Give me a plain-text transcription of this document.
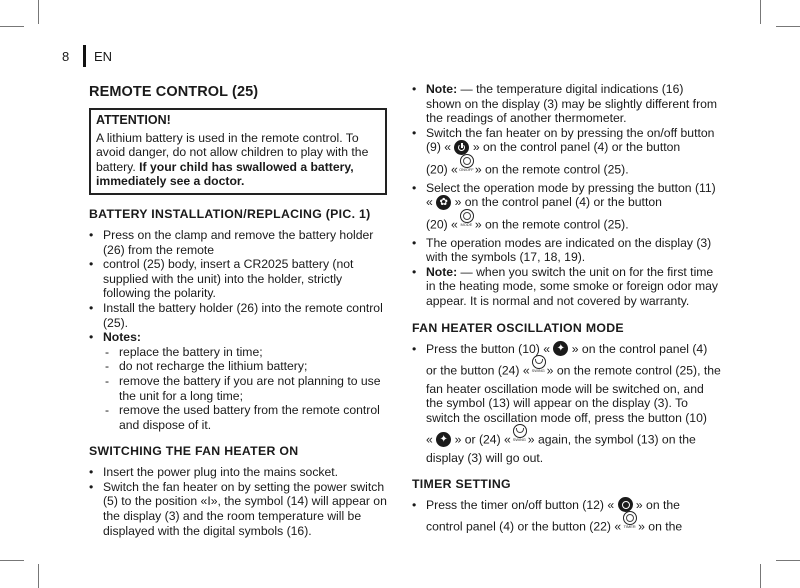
8 EN
REMOTE CONTROL (25)
ATTENTION!
A lithium battery is used in the remote control. To avoid danger, do not allow children to play with the battery. If your child has swallowed a battery, immediately see a doctor.
BATTERY INSTALLATION/REPLACING (PIC. 1)
• Press on the clamp and remove the battery holder (26) from the remote
• control (25) body, insert a CR2025 battery (not supplied with the unit) into the holder, strictly following the polarity.
• Install the battery holder (26) into the remote control (25).
• Notes:
- replace the battery in time;
- do not recharge the lithium battery;
- remove the battery if you are not planning to use the unit for a long time;
- remove the used battery from the remote control and dispose of it.
SWITCHING THE FAN HEATER ON
• Insert the power plug into the mains socket.
• Switch the fan heater on by setting the power switch (5) to the position «I», the symbol (14) will appear on the display (3) and the room temperature will be displayed with the digital symbols (16).
• Note: — the temperature digital indications (16) shown on the display (3) may be slightly different from the readings of another thermometer.
• Switch the fan heater on by pressing the on/off button (9) « » on the control panel (4) or the button
(20) « ON/OFF » on the remote control (25).
• Select the operation mode by pressing the button (11) « ✿ » on the control panel (4) or the button
(20) « MODE » on the remote control (25).
• The operation modes are indicated on the display (3) with the symbols (17, 18, 19).
• Note: — when you switch the unit on for the first time in the heating mode, some smoke or foreign odor may appear. It is normal and not covered by warranty.
FAN HEATER OSCILLATION MODE
• Press the button (10) « ✦ » on the control panel (4)
or the button (24) « SWING » on the remote control (25), the fan heater oscillation mode will be switched on, and the symbol (13) will appear on the display (3). To switch the oscillation mode off, press the button (10)
« ✦ » or (24) « SWING » again, the symbol (13) on the display (3) will go out.
TIMER SETTING
• Press the timer on/off button (12) « » on the
control panel (4) or the button (22) « TIMER » on the
